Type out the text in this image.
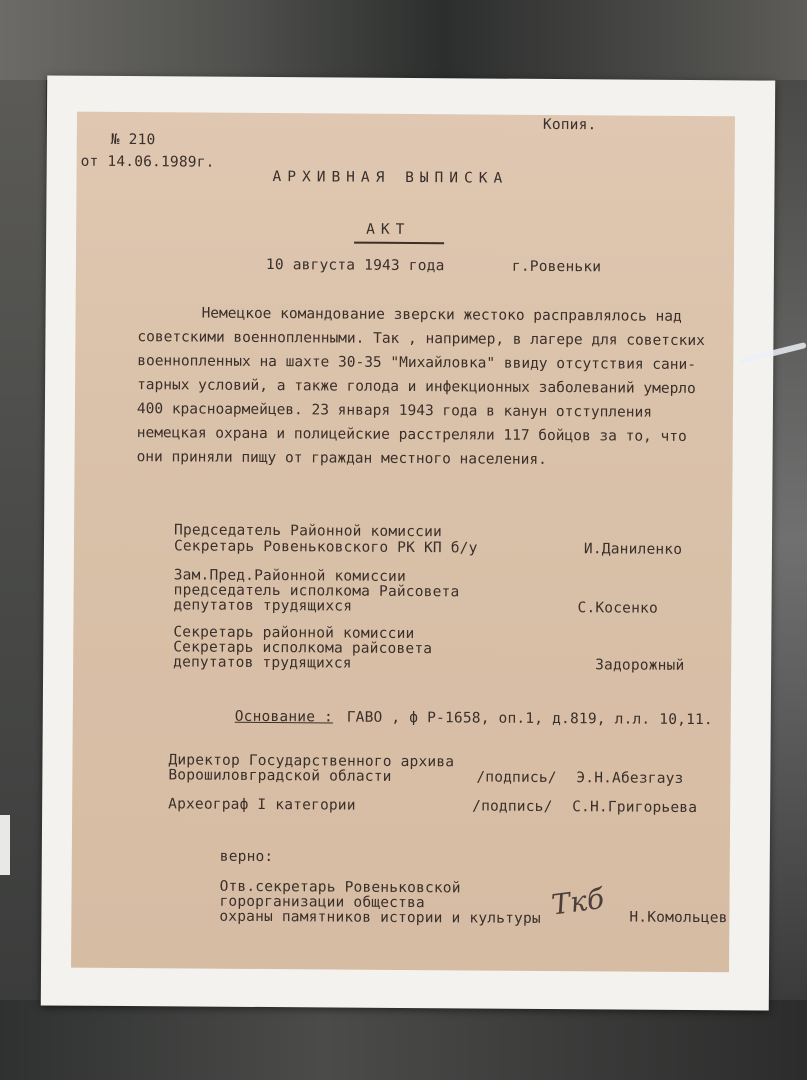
№ 210
от 14.06.1989г.
Копия.
АРХИВНАЯ ВЫПИСКА
АКТ
10 августа 1943 года	г.Ровеньки
Немецкое командование зверски жестоко расправлялось над
советскими военнопленными. Так , например, в лагере для советских
военнопленных на шахте 30-35 "Михайловка" ввиду отсутствия сани-
тарных условий, а также голода и инфекционных заболеваний умерло
400 красноармейцев. 23 января 1943 года в канун отступления
немецкая охрана и полицейские расстреляли 117 бойцов за то, что
они приняли пищу от граждан местного населения.
Председатель Районной комиссии
Секретарь Ровеньковского РК КП б/у	И.Даниленко
Зам.Пред.Районной комиссии
председатель исполкома Райсовета
депутатов трудящихся	С.Косенко
Секретарь районной комиссии
Секретарь исполкома райсовета
депутатов трудящихся	Задорожный
Основание : ГАВО , ф Р-1658, оп.1, д.819, л.л. 10,11.
Директор Государственного архива
Ворошиловградской области	/подпись/ Э.Н.Абезгауз
Археограф I категории	/подпись/ С.Н.Григорьева
верно:
Отв.секретарь Ровеньковской
горорганизации общества
охраны памятников истории и культуры Ткб Н.Комольцев
